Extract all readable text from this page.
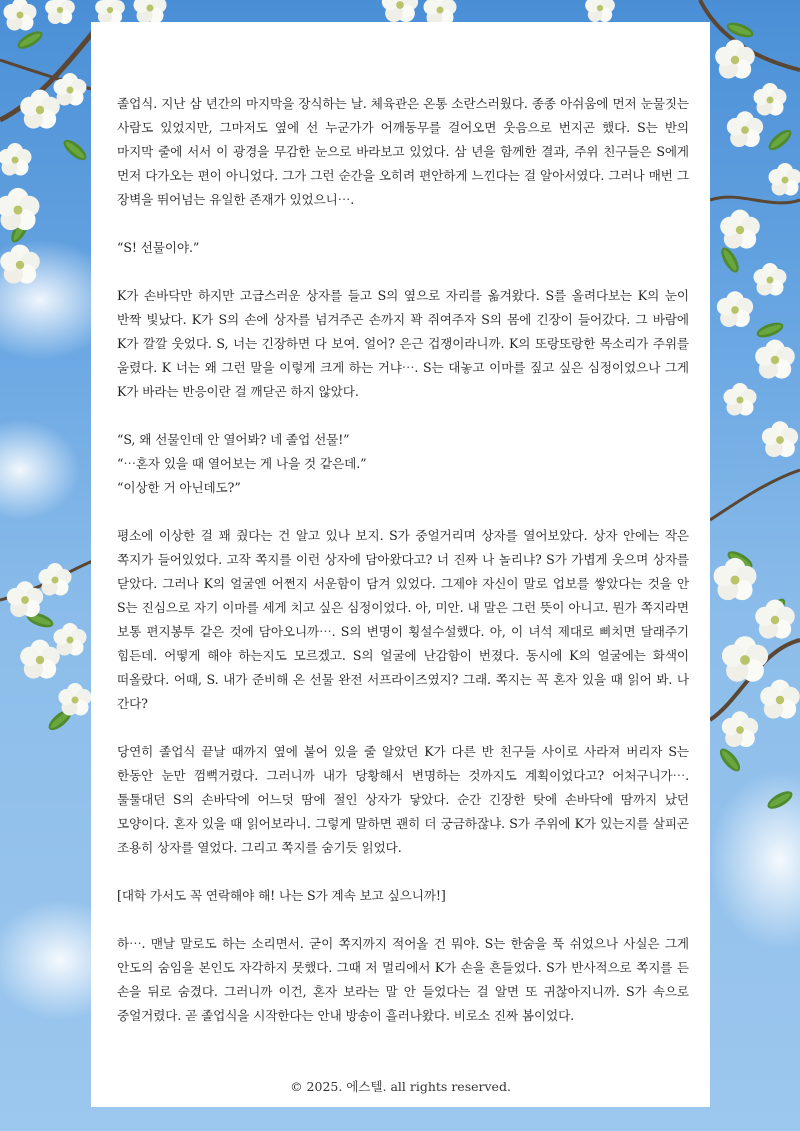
졸업식. 지난 삼 년간의 마지막을 장식하는 날. 체육관은 온통 소란스러웠다. 종종 아쉬움에 먼저 눈물짓는 사람도 있었지만, 그마저도 옆에 선 누군가가 어깨동무를 걸어오면 웃음으로 번지곤 했다. S는 반의 마지막 줄에 서서 이 광경을 무감한 눈으로 바라보고 있었다. 삼 년을 함께한 결과, 주위 친구들은 S에게 먼저 다가오는 편이 아니었다. 그가 그런 순간을 오히려 편안하게 느낀다는 걸 알아서였다. 그러나 매번 그 장벽을 뛰어넘는 유일한 존재가 있었으니⋯.

“S! 선물이야.”

K가 손바닥만 하지만 고급스러운 상자를 들고 S의 옆으로 자리를 옮겨왔다. S를 올려다보는 K의 눈이 반짝 빛났다. K가 S의 손에 상자를 넘겨주곤 손까지 꽉 쥐여주자 S의 몸에 긴장이 들어갔다. 그 바람에 K가 깔깔 웃었다. S, 너는 긴장하면 다 보여. 얼어? 은근 겁쟁이라니까. K의 또랑또랑한 목소리가 주위를 울렸다. K 너는 왜 그런 말을 이렇게 크게 하는 거냐⋯. S는 대놓고 이마를 짚고 싶은 심정이었으나 그게 K가 바라는 반응이란 걸 깨닫곤 하지 않았다.

“S, 왜 선물인데 안 열어봐? 네 졸업 선물!”

“⋯혼자 있을 때 열어보는 게 나을 것 같은데.”

“이상한 거 아닌데도?”

평소에 이상한 걸 꽤 줬다는 건 알고 있나 보지. S가 중얼거리며 상자를 열어보았다. 상자 안에는 작은 쪽지가 들어있었다. 고작 쪽지를 이런 상자에 담아왔다고? 너 진짜 나 놀리냐? S가 가볍게 웃으며 상자를 닫았다. 그러나 K의 얼굴엔 어쩐지 서운함이 담겨 있었다. 그제야 자신이 말로 업보를 쌓았다는 것을 안 S는 진심으로 자기 이마를 세게 치고 싶은 심정이었다. 아, 미안. 내 말은 그런 뜻이 아니고. 뭔가 쪽지라면 보통 편지봉투 같은 것에 담아오니까⋯. S의 변명이 횡설수설했다. 아, 이 녀석 제대로 삐치면 달래주기 힘든데. 어떻게 해야 하는지도 모르겠고. S의 얼굴에 난감함이 번졌다. 동시에 K의 얼굴에는 화색이 떠올랐다. 어때, S. 내가 준비해 온 선물 완전 서프라이즈였지? 그래. 쪽지는 꼭 혼자 있을 때 읽어 봐. 나 간다?

당연히 졸업식 끝날 때까지 옆에 붙어 있을 줄 알았던 K가 다른 반 친구들 사이로 사라져 버리자 S는 한동안 눈만 껌뻑거렸다. 그러니까 내가 당황해서 변명하는 것까지도 계획이었다고? 어처구니가⋯. 툴툴대던 S의 손바닥에 어느덧 땀에 절인 상자가 닿았다. 순간 긴장한 탓에 손바닥에 땀까지 났던 모양이다. 혼자 있을 때 읽어보라니. 그렇게 말하면 괜히 더 궁금하잖냐. S가 주위에 K가 있는지를 살피곤 조용히 상자를 열었다. 그리고 쪽지를 숨기듯 읽었다.

[대학 가서도 꼭 연락해야 해! 나는 S가 계속 보고 싶으니까!]

하⋯. 맨날 말로도 하는 소리면서. 굳이 쪽지까지 적어올 건 뭐야. S는 한숨을 푹 쉬었으나 사실은 그게 안도의 숨임을 본인도 자각하지 못했다. 그때 저 멀리에서 K가 손을 흔들었다. S가 반사적으로 쪽지를 든 손을 뒤로 숨겼다. 그러니까 이건, 혼자 보라는 말 안 들었다는 걸 알면 또 귀찮아지니까. S가 속으로 중얼거렸다. 곧 졸업식을 시작한다는 안내 방송이 흘러나왔다. 비로소 진짜 봄이었다.

© 2025. 에스텔. all rights reserved.
